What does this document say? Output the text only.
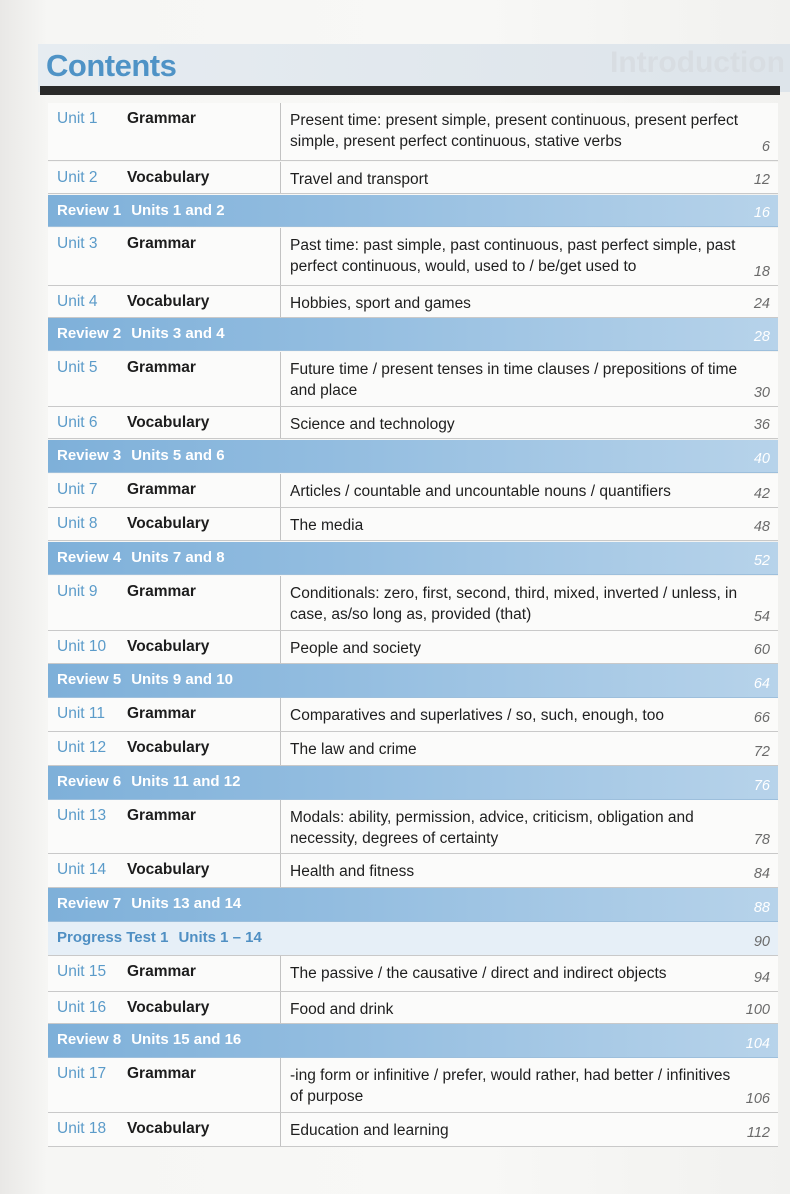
Introduction
Contents
Unit 1 Grammar	Present time: present simple, present continuous, present perfect simple, present perfect continuous, stative verbs	6
Unit 2 Vocabulary	Travel and transport	12
Review 1 Units 1 and 2	16
Unit 3 Grammar	Past time: past simple, past continuous, past perfect simple, past perfect continuous, would, used to / be/get used to	18
Unit 4 Vocabulary	Hobbies, sport and games	24
Review 2 Units 3 and 4	28
Unit 5 Grammar	Future time / present tenses in time clauses / prepositions of time and place	30
Unit 6 Vocabulary	Science and technology	36
Review 3 Units 5 and 6	40
Unit 7 Grammar	Articles / countable and uncountable nouns / quantifiers	42
Unit 8 Vocabulary	The media	48
Review 4 Units 7 and 8	52
Unit 9 Grammar	Conditionals: zero, first, second, third, mixed, inverted / unless, in case, as/so long as, provided (that)	54
Unit 10 Vocabulary	People and society	60
Review 5 Units 9 and 10	64
Unit 11 Grammar	Comparatives and superlatives / so, such, enough, too	66
Unit 12 Vocabulary	The law and crime	72
Review 6 Units 11 and 12	76
Unit 13 Grammar	Modals: ability, permission, advice, criticism, obligation and necessity, degrees of certainty	78
Unit 14 Vocabulary	Health and fitness	84
Review 7 Units 13 and 14	88
Progress Test 1 Units 1 – 14	90
Unit 15 Grammar	The passive / the causative / direct and indirect objects	94
Unit 16 Vocabulary	Food and drink	100
Review 8 Units 15 and 16	104
Unit 17 Grammar	-ing form or infinitive / prefer, would rather, had better / infinitives of purpose	106
Unit 18 Vocabulary	Education and learning	112
